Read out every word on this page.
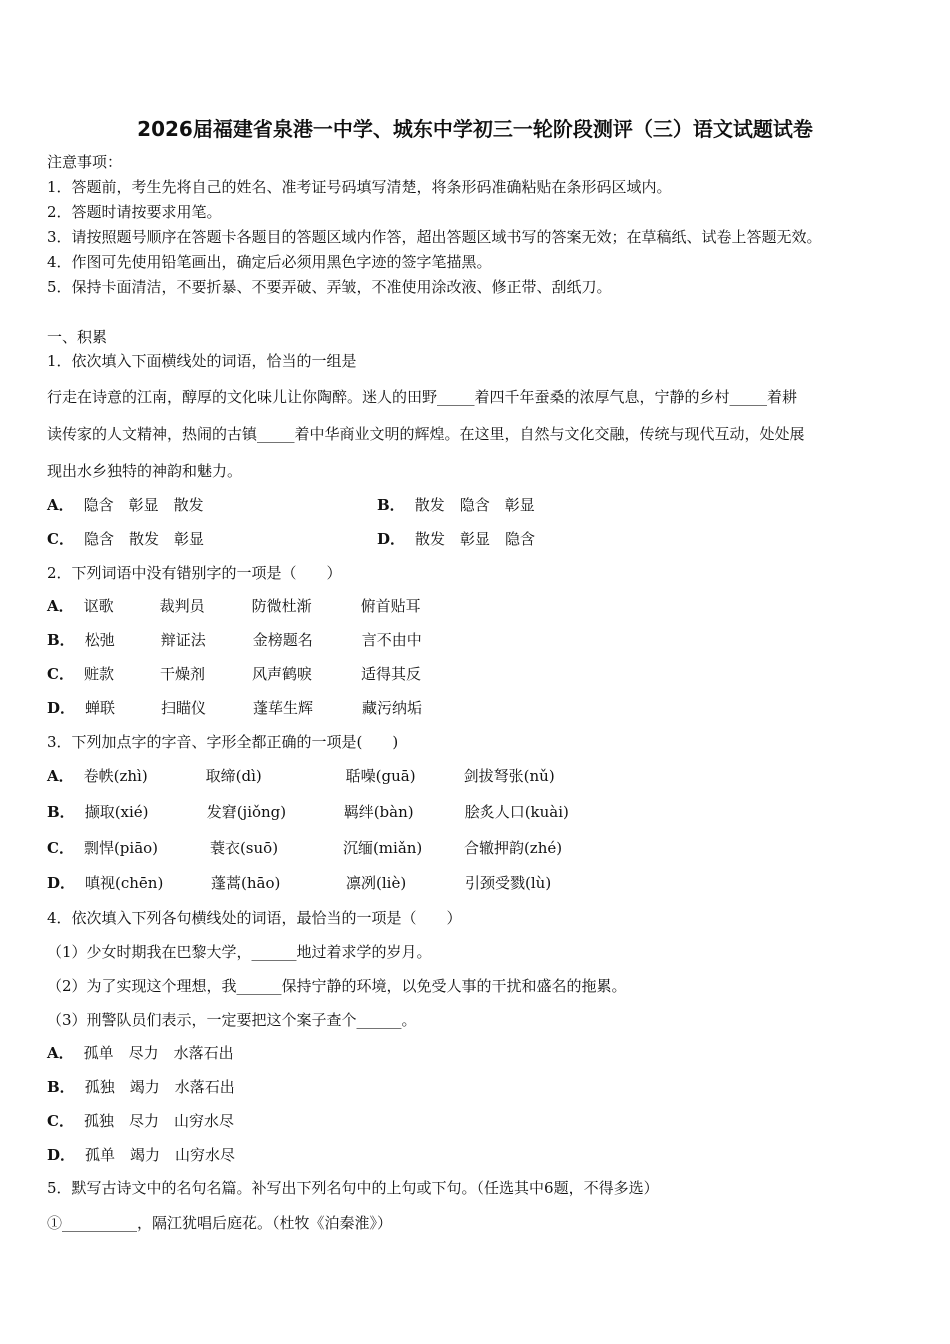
2026届福建省泉港一中学、城东中学初三一轮阶段测评（三）语文试题试卷
注意事项：
1．答题前，考生先将自己的姓名、准考证号码填写清楚，将条形码准确粘贴在条形码区域内。
2．答题时请按要求用笔。
3．请按照题号顺序在答题卡各题目的答题区域内作答，超出答题区域书写的答案无效；在草稿纸、试卷上答题无效。
4．作图可先使用铅笔画出，确定后必须用黑色字迹的签字笔描黑。
5．保持卡面清洁，不要折暴、不要弄破、弄皱，不准使用涂改液、修正带、刮纸刀。
一、积累
1．依次填入下面横线处的词语，恰当的一组是
行走在诗意的江南，醇厚的文化味儿让你陶醉。迷人的田野_____着四千年蚕桑的浓厚气息，宁静的乡村_____着耕
读传家的人文精神，热闹的古镇_____着中华商业文明的辉煌。在这里，自然与文化交融，传统与现代互动，处处展
现出水乡独特的神韵和魅力。
A． 隐含　彰显　散发	B． 散发　隐含　彰显
C． 隐含　散发　彰显	D． 散发　彰显　隐含
2．下列词语中没有错别字的一项是（　　）
A． 讴歌	裁判员	防微杜渐	俯首贴耳
B． 松弛	辩证法	金榜题名	言不由中
C． 赃款	干燥剂	风声鹤唳	适得其反
D． 蝉联	扫瞄仪	蓬荜生辉	藏污纳垢
3．下列加点字的字音、字形全都正确的一项是(　　)
A． 卷帙(zhì)	取缔(dì)	聒噪(guā)	剑拔弩张(nǔ)
B． 撷取(xié)	发窘(jiǒng)	羁绊(bàn)	脍炙人口(kuài)
C． 剽悍(piāo)	蓑衣(suō)	沉缅(miǎn)	合辙押韵(zhé)
D． 嗔视(chēn)	蓬蒿(hāo)	凛冽(liè)	引颈受戮(lù)
4．依次填入下列各句横线处的词语，最恰当的一项是（　　）
（1）少女时期我在巴黎大学，______地过着求学的岁月。
（2）为了实现这个理想，我______保持宁静的环境，以免受人事的干扰和盛名的拖累。
（3）刑警队员们表示，一定要把这个案子查个______。
A． 孤单　尽力　水落石出
B． 孤独　竭力　水落石出
C． 孤独　尽力　山穷水尽
D． 孤单　竭力　山穷水尽
5．默写古诗文中的名句名篇。补写出下列名句中的上句或下句。（任选其中6题，不得多选）
①__________，隔江犹唱后庭花。（杜牧《泊秦淮》）
